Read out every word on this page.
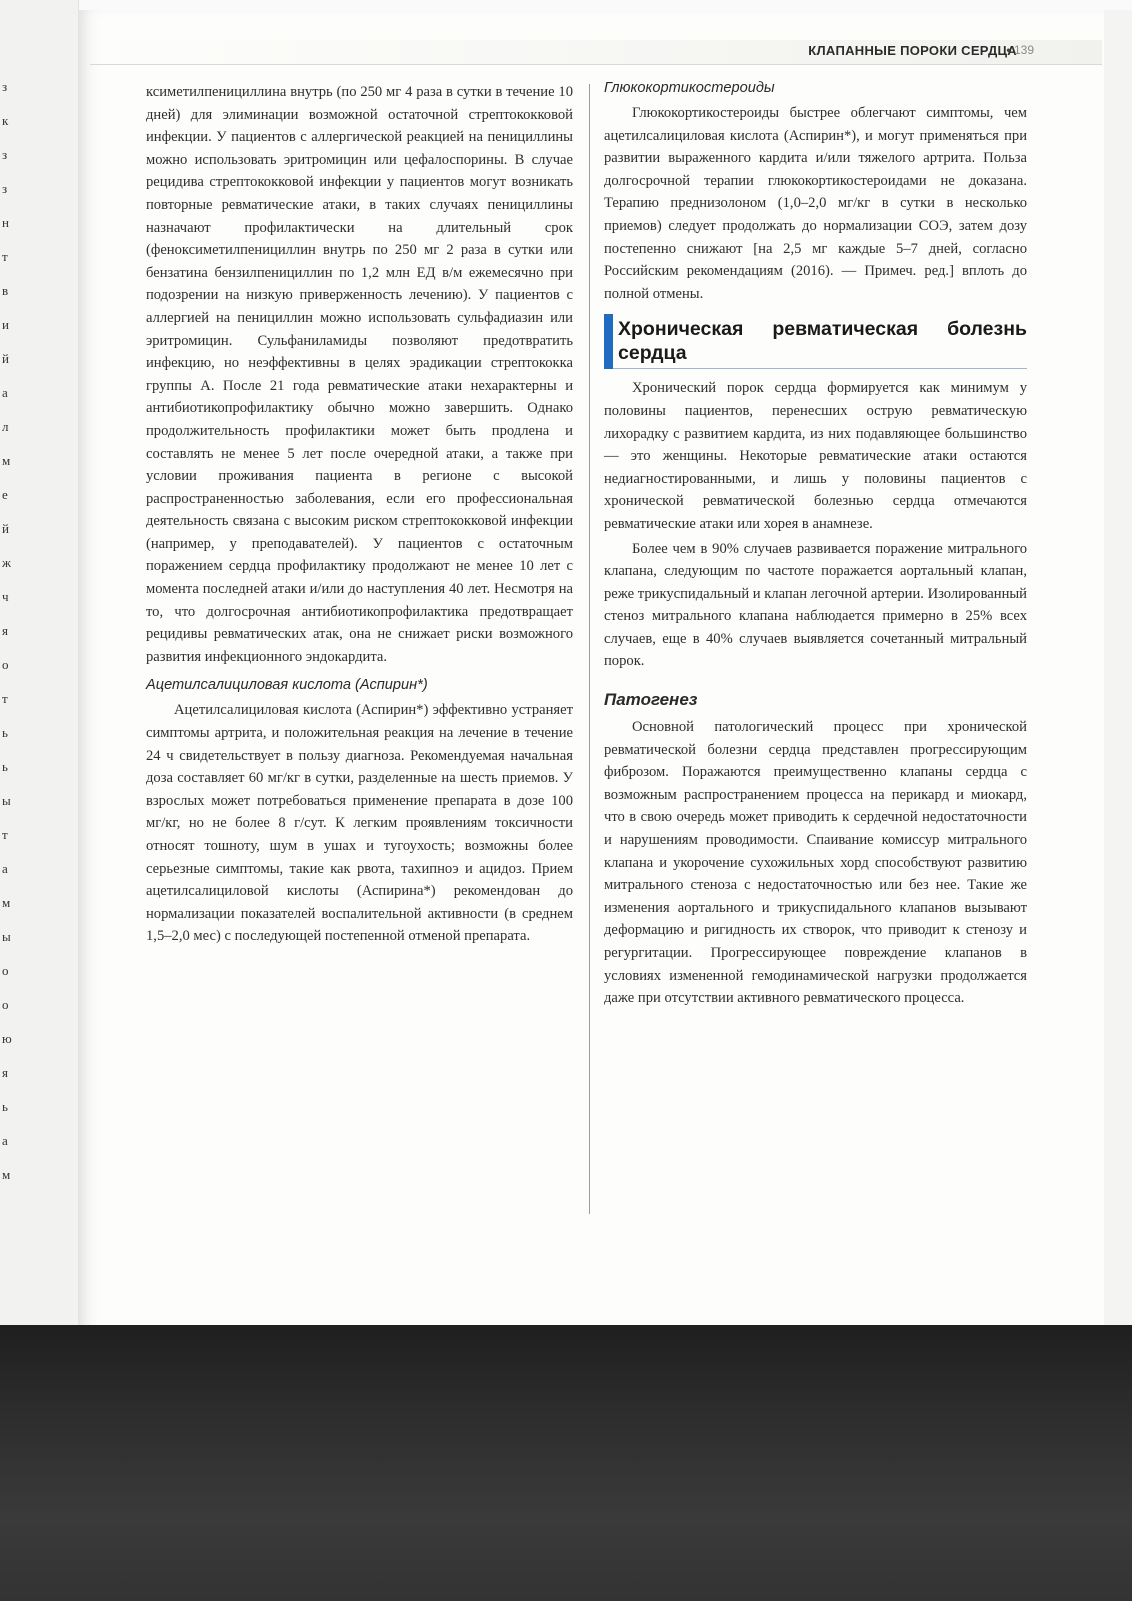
з
к
з
з
н
т
в
и
й
а
л
м
е
й
ж
ч
я
о
т
ь
ь
ы
т
а
м
ы
о
о
ю
я
ь
а
м
КЛАПАННЫЕ ПОРОКИ СЕРДЦА
• 139

ксиметилпенициллина внутрь (по 250 мг 4 раза в сутки в течение 10 дней) для элиминации возможной остаточной стрептококковой инфекции. У пациентов с аллергической реакцией на пенициллины можно использовать эритромицин или цефалоспорины. В случае рецидива стрептококковой инфекции у пациентов могут возникать повторные ревматические атаки, в таких случаях пенициллины назначают профилактически на длительный срок (феноксиметилпенициллин внутрь по 250 мг 2 раза в сутки или бензатина бензилпенициллин по 1,2 млн ЕД в/м ежемесячно при подозрении на низкую приверженность лечению). У пациентов с аллергией на пенициллин можно использовать сульфадиазин или эритромицин. Сульфаниламиды позволяют предотвратить инфекцию, но неэффективны в целях эрадикации стрептококка группы А. После 21 года ревматические атаки нехарактерны и антибиотикопрофилактику обычно можно завершить. Однако продолжительность профилактики может быть продлена и составлять не менее 5 лет после очередной атаки, а также при условии проживания пациента в регионе с высокой распространенностью заболевания, если его профессиональная деятельность связана с высоким риском стрептококковой инфекции (например, у преподавателей). У пациентов с остаточным поражением сердца профилактику продолжают не менее 10 лет с момента последней атаки и/или до наступления 40 лет. Несмотря на то, что долгосрочная антибиотикопрофилактика предотвращает рецидивы ревматических атак, она не снижает риски возможного развития инфекционного эндокардита.

Ацетилсалициловая кислота (Аспирин*)

Ацетилсалициловая кислота (Аспирин*) эффективно устраняет симптомы артрита, и положительная реакция на лечение в течение 24 ч свидетельствует в пользу диагноза. Рекомендуемая начальная доза составляет 60 мг/кг в сутки, разделенные на шесть приемов. У взрослых может потребоваться применение препарата в дозе 100 мг/кг, но не более 8 г/сут. К легким проявлениям токсичности относят тошноту, шум в ушах и тугоухость; возможны более серьезные симптомы, такие как рвота, тахипноэ и ацидоз. Прием ацетилсалициловой кислоты (Аспирина*) рекомендован до нормализации показателей воспалительной активности (в среднем 1,5–2,0 мес) с последующей постепенной отменой препарата.

Глюкокортикостероиды

Глюкокортикостероиды быстрее облегчают симптомы, чем ацетилсалициловая кислота (Аспирин*), и могут применяться при развитии выраженного кардита и/или тяжелого артрита. Польза долгосрочной терапии глюкокортикостероидами не доказана. Терапию преднизолоном (1,0–2,0 мг/кг в сутки в несколько приемов) следует продолжать до нормализации СОЭ, затем дозу постепенно снижают [на 2,5 мг каждые 5–7 дней, согласно Российским рекомендациям (2016). — Примеч. ред.] вплоть до полной отмены.

Хроническая ревматическая болезнь сердца

Хронический порок сердца формируется как минимум у половины пациентов, перенесших острую ревматическую лихорадку с развитием кардита, из них подавляющее большинство — это женщины. Некоторые ревматические атаки остаются недиагностированными, и лишь у половины пациентов с хронической ревматической болезнью сердца отмечаются ревматические атаки или хорея в анамнезе.

Более чем в 90% случаев развивается поражение митрального клапана, следующим по частоте поражается аортальный клапан, реже трикуспидальный и клапан легочной артерии. Изолированный стеноз митрального клапана наблюдается примерно в 25% всех случаев, еще в 40% случаев выявляется сочетанный митральный порок.

Патогенез

Основной патологический процесс при хронической ревматической болезни сердца представлен прогрессирующим фиброзом. Поражаются преимущественно клапаны сердца с возможным распространением процесса на перикард и миокард, что в свою очередь может приводить к сердечной недостаточности и нарушениям проводимости. Спаивание комиссур митрального клапана и укорочение сухожильных хорд способствуют развитию митрального стеноза с недостаточностью или без нее. Такие же изменения аортального и трикуспидального клапанов вызывают деформацию и ригидность их створок, что приводит к стенозу и регургитации. Прогрессирующее повреждение клапанов в условиях измененной гемодинамической нагрузки продолжается даже при отсутствии активного ревматического процесса.
